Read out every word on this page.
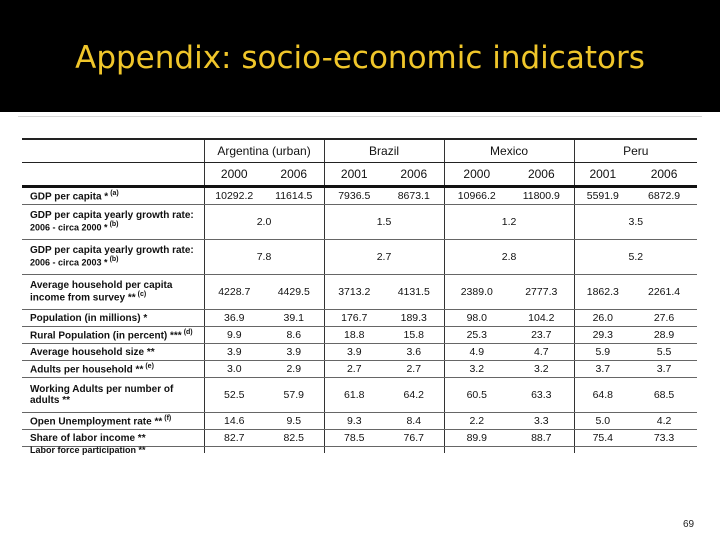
Appendix: socio-economic indicators
	Argentina (urban)		Brazil		Mexico		Peru	
	2000	2006	2001	2006	2000	2006	2001	2006
GDP per capita * $^{(a)}$	10292.2	11614.5	7936.5	8673.1	10966.2	11800.9	5591.9	6872.9
GDP per capita yearly growth rate:
2006 - circa 2000 * $^{(b)}$	2.0		1.5		1.2		3.5	
GDP per capita yearly growth rate:
2006 - circa 2003 * $^{(b)}$	7.8		2.7		2.8		5.2	
Average household per capita
income from survey ** $^{(c)}$	4228.7	4429.5	3713.2	4131.5	2389.0	2777.3	1862.3	2261.4
Population (in millions) *	36.9	39.1	176.7	189.3	98.0	104.2	26.0	27.6
Rural Population (in percent) *** $^{(d)}$	9.9	8.6	18.8	15.8	25.3	23.7	29.3	28.9
Average household size **	3.9	3.9	3.9	3.6	4.9	4.7	5.9	5.5
Adults per household ** $^{(e)}$	3.0	2.9	2.7	2.7	3.2	3.2	3.7	3.7
Working Adults per number of
adults **	52.5	57.9	61.8	64.2	60.5	63.3	64.8	68.5
Open Unemployment rate ** $^{(f)}$	14.6	9.5	9.3	8.4	2.2	3.3	5.0	4.2
Share of labor income **	82.7	82.5	78.5	76.7	89.9	88.7	75.4	73.3
Labor force participation **								
69
